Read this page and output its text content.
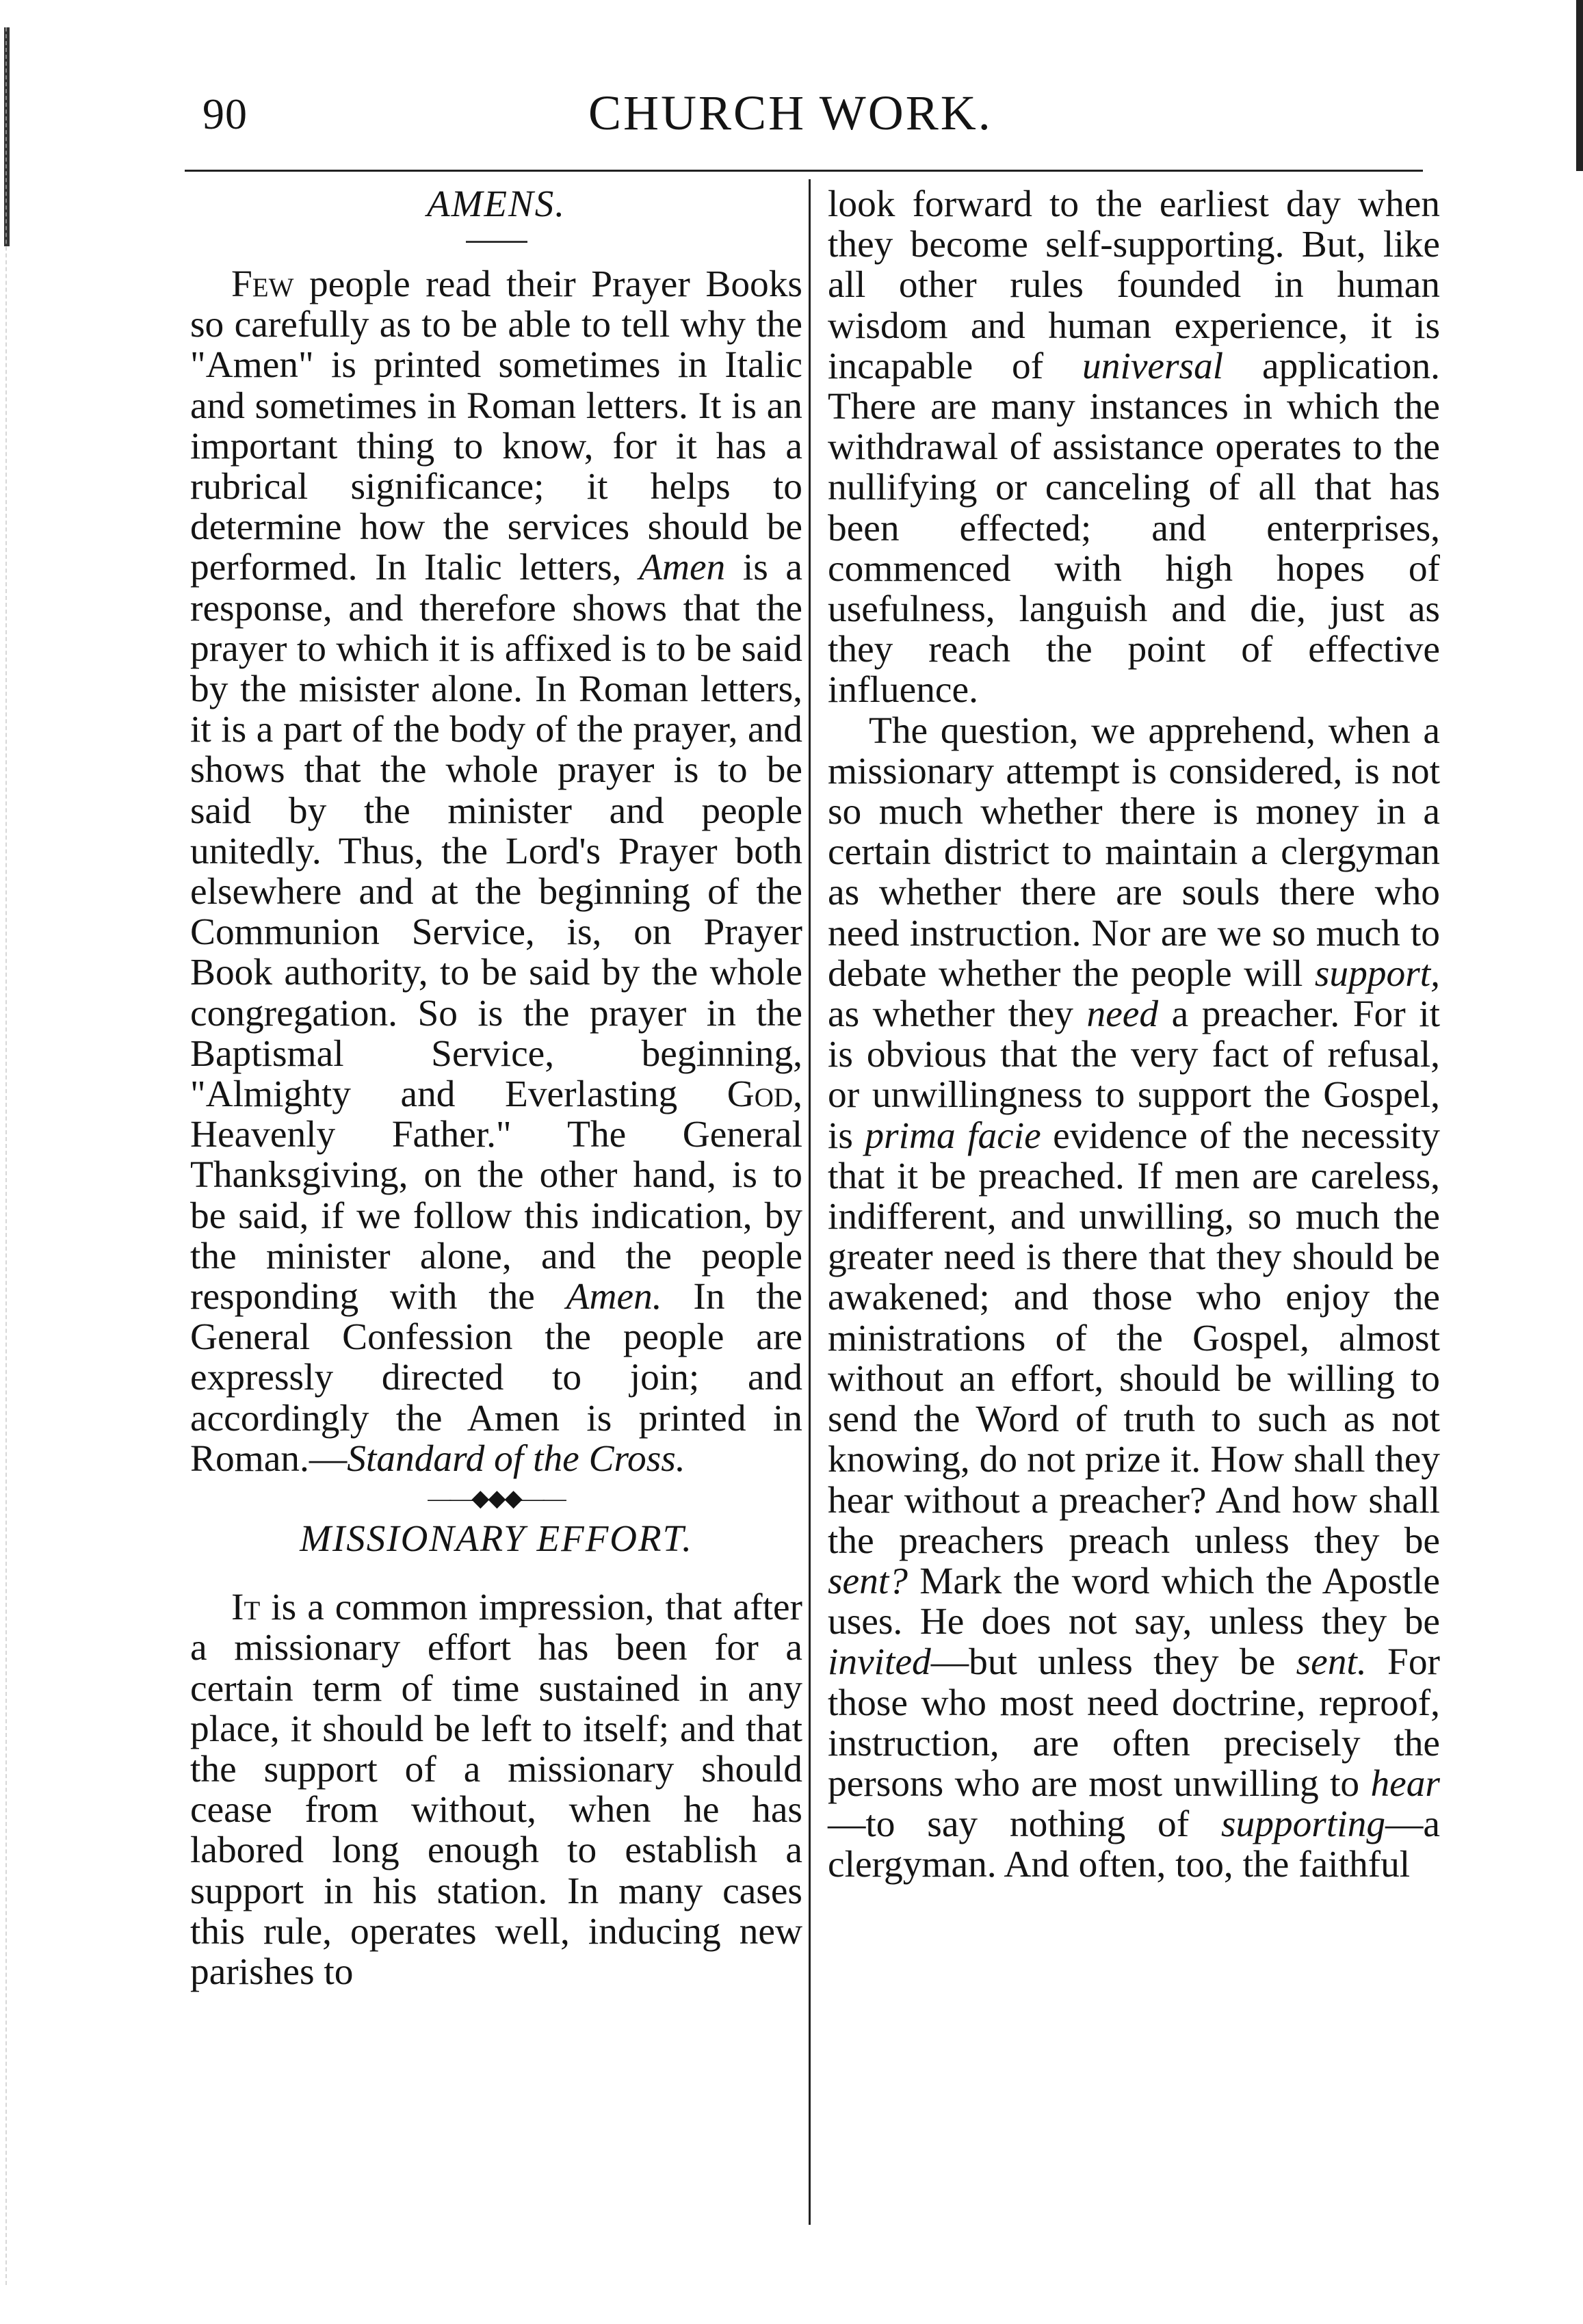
90	CHURCH WORK.
AMENS.

Few people read their Prayer Books so carefully as to be able to tell why the "Amen" is printed sometimes in Italic and sometimes in Roman letters. It is an important thing to know, for it has a rubrical significance; it helps to determine how the services should be performed. In Italic letters, Amen is a response, and therefore shows that the prayer to which it is affixed is to be said by the misister alone. In Roman letters, it is a part of the body of the prayer, and shows that the whole prayer is to be said by the minister and people unitedly. Thus, the Lord's Prayer both elsewhere and at the beginning of the Communion Service, is, on Prayer Book authority, to be said by the whole congregation. So is the prayer in the Baptismal Service, beginning, "Almighty and Everlasting God, Heavenly Father." The General Thanksgiving, on the other hand, is to be said, if we follow this indication, by the minister alone, and the people responding with the Amen. In the General Confession the people are expressly directed to join; and accordingly the Amen is printed in Roman.—Standard of the Cross.

——◆◆◆——
MISSIONARY EFFORT.

It is a common impression, that after a missionary effort has been for a certain term of time sustained in any place, it should be left to itself; and that the support of a missionary should cease from without, when he has labored long enough to establish a support in his station. In many cases this rule, operates well, inducing new parishes to

look forward to the earliest day when they become self-supporting. But, like all other rules founded in human wisdom and human experience, it is incapable of universal application. There are many instances in which the withdrawal of assistance operates to the nullifying or canceling of all that has been effected; and enterprises, commenced with high hopes of usefulness, languish and die, just as they reach the point of effective influence.

The question, we apprehend, when a missionary attempt is considered, is not so much whether there is money in a certain district to maintain a clergyman as whether there are souls there who need instruction. Nor are we so much to debate whether the people will support, as whether they need a preacher. For it is obvious that the very fact of refusal, or unwillingness to support the Gospel, is prima facie evidence of the necessity that it be preached. If men are careless, indifferent, and unwilling, so much the greater need is there that they should be awakened; and those who enjoy the ministrations of the Gospel, almost without an effort, should be willing to send the Word of truth to such as not knowing, do not prize it. How shall they hear without a preacher? And how shall the preachers preach unless they be sent? Mark the word which the Apostle uses. He does not say, unless they be invited—but unless they be sent. For those who most need doctrine, reproof, instruction, are often precisely the persons who are most unwilling to hear—to say nothing of supporting—a clergyman. And often, too, the faithful
